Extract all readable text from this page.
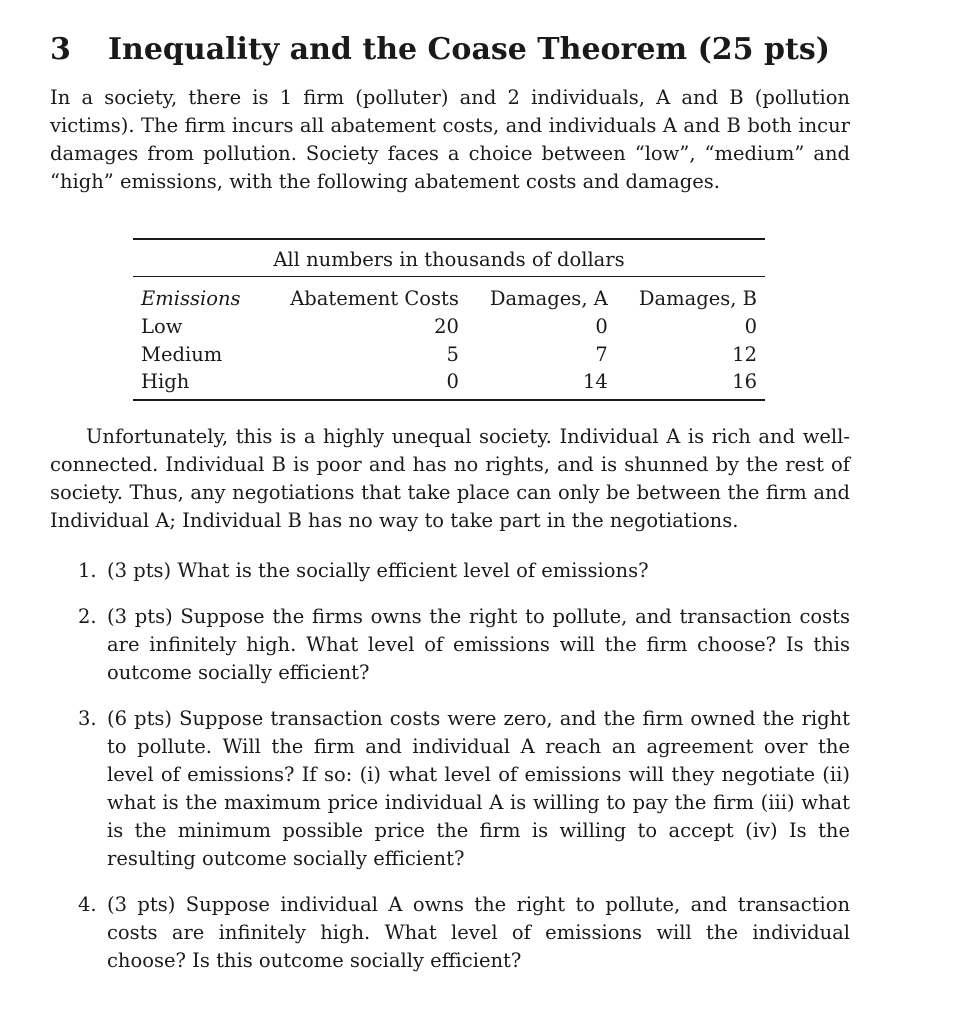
3 Inequality and the Coase Theorem (25 pts)

In a society, there is 1 firm (polluter) and 2 individuals, A and B (pollution victims). The firm incurs all abatement costs, and individuals A and B both incur damages from pollution. Society faces a choice between “low”, “medium” and “high” emissions, with the following abatement costs and damages.

All numbers in thousands of dollars			
Emissions	Abatement Costs	Damages, A	Damages, B
Low	20	0	0
Medium	5	7	12
High	0	14	16

Unfortunately, this is a highly unequal society. Individual A is rich and well-connected. Individual B is poor and has no rights, and is shunned by the rest of society. Thus, any negotiations that take place can only be between the firm and Individual A; Individual B has no way to take part in the negotiations.

1. (3 pts) What is the socially efficient level of emissions?
2. (3 pts) Suppose the firms owns the right to pollute, and transaction costs are infinitely high. What level of emissions will the firm choose? Is this outcome socially efficient?
3. (6 pts) Suppose transaction costs were zero, and the firm owned the right to pollute. Will the firm and individual A reach an agreement over the level of emissions? If so: (i) what level of emissions will they negotiate (ii) what is the maximum price individual A is willing to pay the firm (iii) what is the minimum possible price the firm is willing to accept (iv) Is the resulting outcome socially efficient?
4. (3 pts) Suppose individual A owns the right to pollute, and transaction costs are infinitely high. What level of emissions will the individual choose? Is this outcome socially efficient?
